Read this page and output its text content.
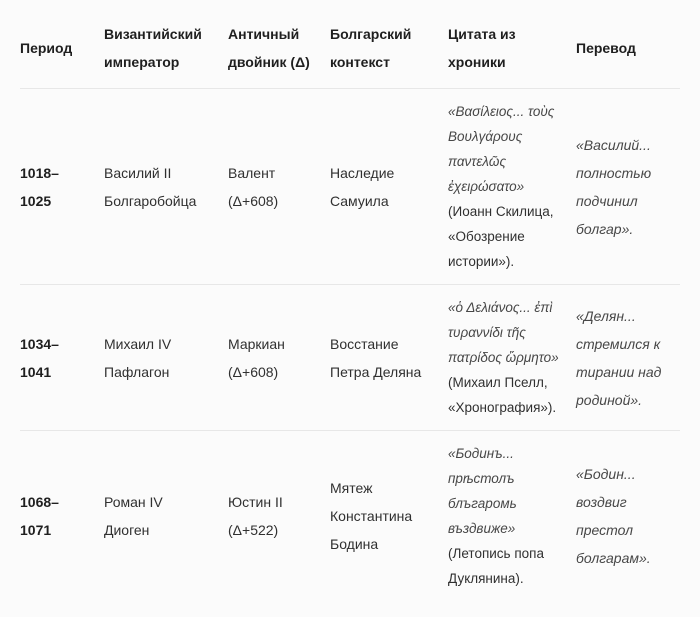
Период	Византийский император	Античный двойник (Δ)	Болгарский контекст	Цитата из хроники	Перевод
1018–1025	Василий II Болгаробойца	Валент (Δ+608)	Наследие Самуила	«Βασίλειος... τοὺς Βουλγάρους παντελῶς ἐχειρώσατο» (Иоанн Скилица, «Обозрение истории»).	«Василий... полностью подчинил болгар».
1034–1041	Михаил IV Пафлагон	Маркиан (Δ+608)	Восстание Петра Деляна	«ὁ Δελιάνος... ἐπὶ τυραννίδι τῆς πατρίδος ὥρμητο» (Михаил Пселл, «Хронография»).	«Делян... стремился к тирании над родиной».
1068–1071	Роман IV Диоген	Юстин II (Δ+522)	Мятеж Константина Бодина	«Бодинъ... прѣстолъ блъгаромь въздвиже» (Летопись попа Дуклянина).	«Бодин... воздвиг престол болгарам».
